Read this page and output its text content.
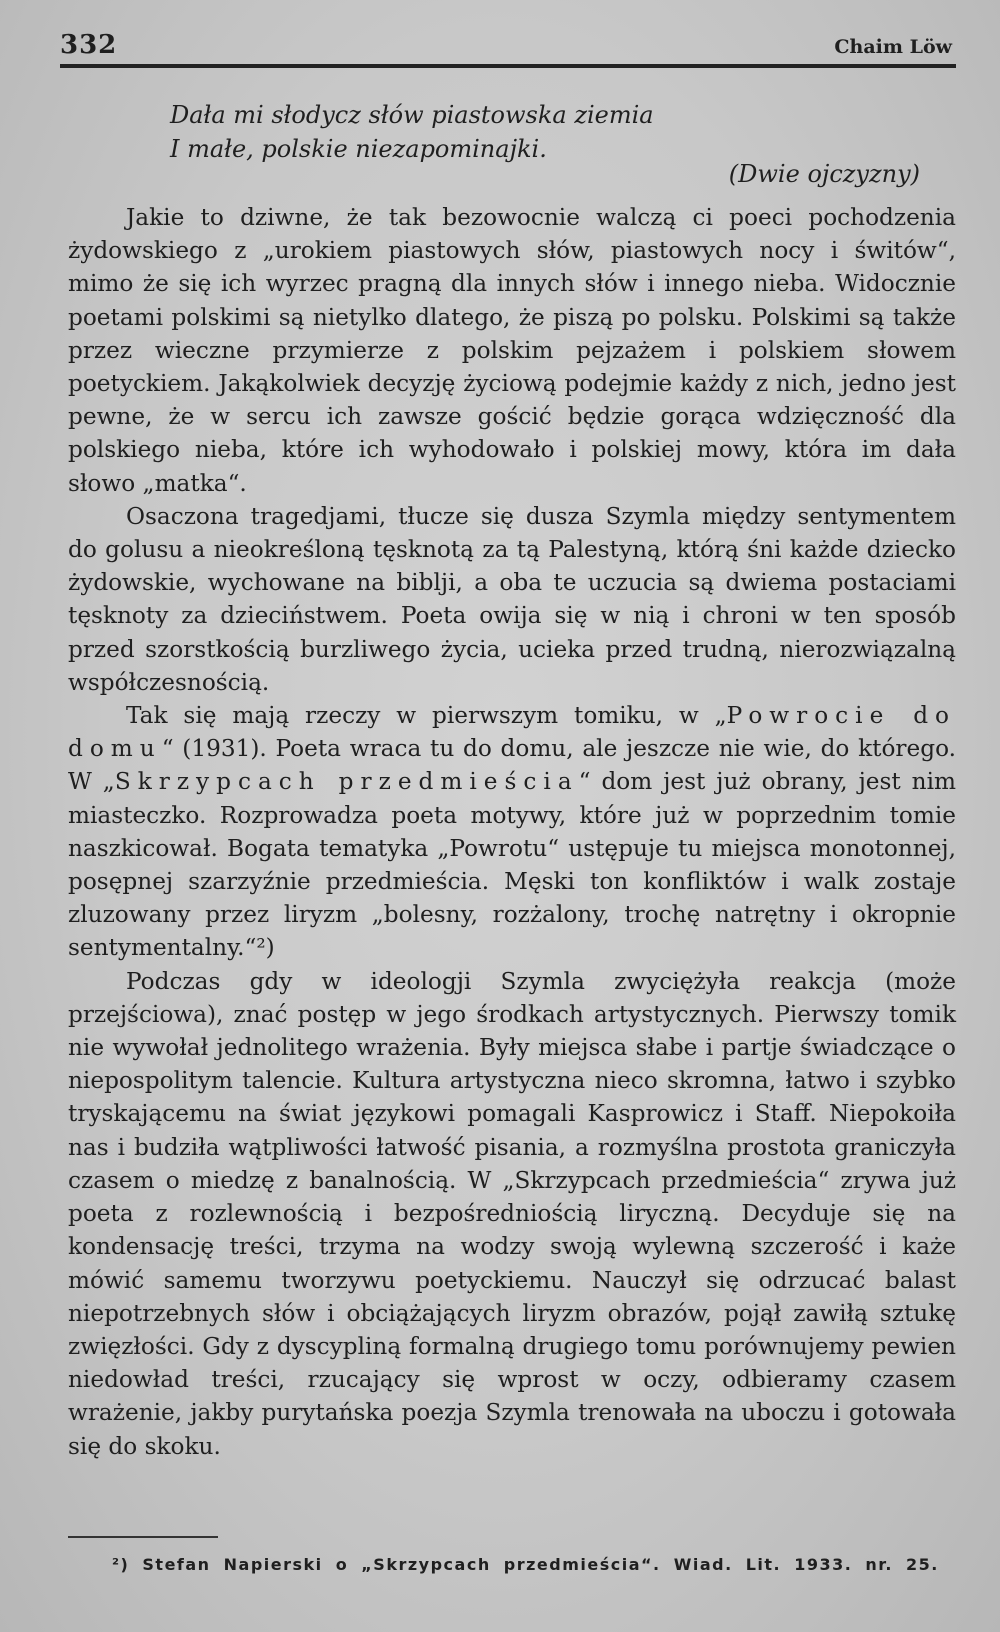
332	Chaim Löw
Dała mi słodycz słów piastowska ziemia
I małe, polskie niezapominajki.
(Dwie ojczyzny)

Jakie to dziwne, że tak bezowocnie walczą ci poeci pochodzenia żydowskiego z „urokiem piastowych słów, piastowych nocy i świtów“, mimo że się ich wyrzec pragną dla innych słów i innego nieba. Widocznie poetami polskimi są nietylko dlatego, że piszą po polsku. Polskimi są także przez wieczne przymierze z polskim pejzażem i polskiem słowem poetyckiem. Jakąkolwiek decyzję życiową podejmie każdy z nich, jedno jest pewne, że w sercu ich zawsze gościć będzie gorąca wdzięczność dla polskiego nieba, które ich wyhodowało i polskiej mowy, która im dała słowo „matka“.

Osaczona tragedjami, tłucze się dusza Szymla między sentymentem do golusu a nieokreśloną tęsknotą za tą Palestyną, którą śni każde dziecko żydowskie, wychowane na biblji, a oba te uczucia są dwiema postaciami tęsknoty za dzieciństwem. Poeta owija się w nią i chroni w ten sposób przed szorstkością burzliwego życia, ucieka przed trudną, nierozwiązalną współczesnością.

Tak się mają rzeczy w pierwszym tomiku, w „Powrocie do domu“ (1931). Poeta wraca tu do domu, ale jeszcze nie wie, do którego. W „Skrzypcach przedmieścia“ dom jest już obrany, jest nim miasteczko. Rozprowadza poeta motywy, które już w poprzednim tomie naszkicował. Bogata tematyka „Powrotu“ ustępuje tu miejsca monotonnej, posępnej szarzyźnie przedmieścia. Męski ton konfliktów i walk zostaje zluzowany przez liryzm „bolesny, rozżalony, trochę natrętny i okropnie sentymentalny.“²)

Podczas gdy w ideologji Szymla zwyciężyła reakcja (może przejściowa), znać postęp w jego środkach artystycznych. Pierwszy tomik nie wywołał jednolitego wrażenia. Były miejsca słabe i partje świadczące o niepospolitym talencie. Kultura artystyczna nieco skromna, łatwo i szybko tryskającemu na świat językowi pomagali Kasprowicz i Staff. Niepokoiła nas i budziła wątpliwości łatwość pisania, a rozmyślna prostota graniczyła czasem o miedzę z banalnością. W „Skrzypcach przedmieścia“ zrywa już poeta z rozlewnością i bezpośredniością liryczną. Decyduje się na kondensację treści, trzyma na wodzy swoją wylewną szczerość i każe mówić samemu tworzywu poetyckiemu. Nauczył się odrzucać balast niepotrzebnych słów i obciążających liryzm obrazów, pojął zawiłą sztukę zwięzłości. Gdy z dyscypliną formalną drugiego tomu porównujemy pewien niedowład treści, rzucający się wprost w oczy, odbieramy czasem wrażenie, jakby purytańska poezja Szymla trenowała na uboczu i gotowała się do skoku.

²) Stefan Napierski o „Skrzypcach przedmieścia“. Wiad. Lit. 1933. nr. 25.
